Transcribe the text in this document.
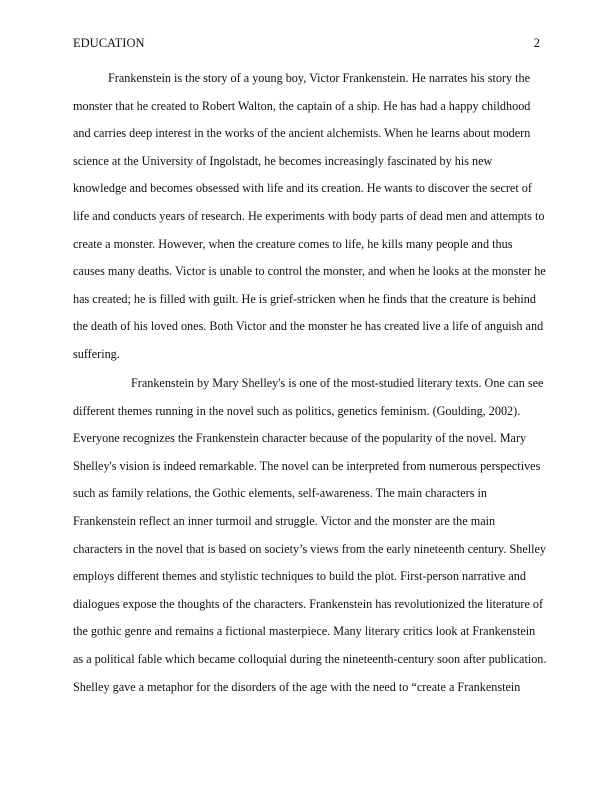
EDUCATION	2
Frankenstein is the story of a young boy, Victor Frankenstein. He narrates his story the
monster that he created to Robert Walton, the captain of a ship. He has had a happy childhood
and carries deep interest in the works of the ancient alchemists. When he learns about modern
science at the University of Ingolstadt, he becomes increasingly fascinated by his new
knowledge and becomes obsessed with life and its creation. He wants to discover the secret of
life and conducts years of research. He experiments with body parts of dead men and attempts to
create a monster. However, when the creature comes to life, he kills many people and thus
causes many deaths. Victor is unable to control the monster, and when he looks at the monster he
has created; he is filled with guilt. He is grief-stricken when he finds that the creature is behind
the death of his loved ones. Both Victor and the monster he has created live a life of anguish and
suffering.
Frankenstein by Mary Shelley's is one of the most-studied literary texts. One can see
different themes running in the novel such as politics, genetics feminism. (Goulding, 2002).
Everyone recognizes the Frankenstein character because of the popularity of the novel. Mary
Shelley's vision is indeed remarkable. The novel can be interpreted from numerous perspectives
such as family relations, the Gothic elements, self-awareness. The main characters in
Frankenstein reflect an inner turmoil and struggle. Victor and the monster are the main
characters in the novel that is based on society’s views from the early nineteenth century. Shelley
employs different themes and stylistic techniques to build the plot. First-person narrative and
dialogues expose the thoughts of the characters. Frankenstein has revolutionized the literature of
the gothic genre and remains a fictional masterpiece. Many literary critics look at Frankenstein
as a political fable which became colloquial during the nineteenth-century soon after publication.
Shelley gave a metaphor for the disorders of the age with the need to “create a Frankenstein
